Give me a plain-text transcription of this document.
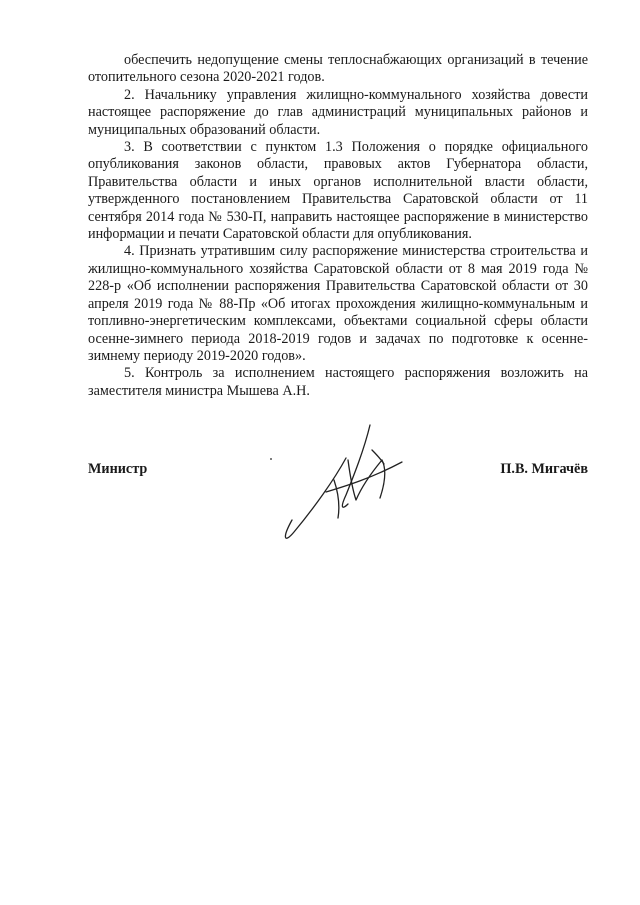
обеспечить недопущение смены теплоснабжающих организаций в течение отопительного сезона 2020-2021 годов.

2. Начальнику управления жилищно-коммунального хозяйства довести настоящее распоряжение до глав администраций муниципальных районов и муниципальных образований области.

3. В соответствии с пунктом 1.3 Положения о порядке официального опубликования законов области, правовых актов Губернатора области, Правительства области и иных органов исполнительной власти области, утвержденного постановлением Правительства Саратовской области от 11 сентября 2014 года № 530-П, направить настоящее распоряжение в министерство информации и печати Саратовской области для опубликования.

4. Признать утратившим силу распоряжение министерства строительства и жилищно-коммунального хозяйства Саратовской области от 8 мая 2019 года № 228-р «Об исполнении распоряжения Правительства Саратовской области от 30 апреля 2019 года № 88-Пр «Об итогах прохождения жилищно-коммунальным и топливно-энергетическим комплексами, объектами социальной сферы области осенне-зимнего периода 2018-2019 годов и задачах по подготовке к осенне-зимнему периоду 2019-2020 годов».

5. Контроль за исполнением настоящего распоряжения возложить на заместителя министра Мышева А.Н.

Министр	П.В. Мигачёв
